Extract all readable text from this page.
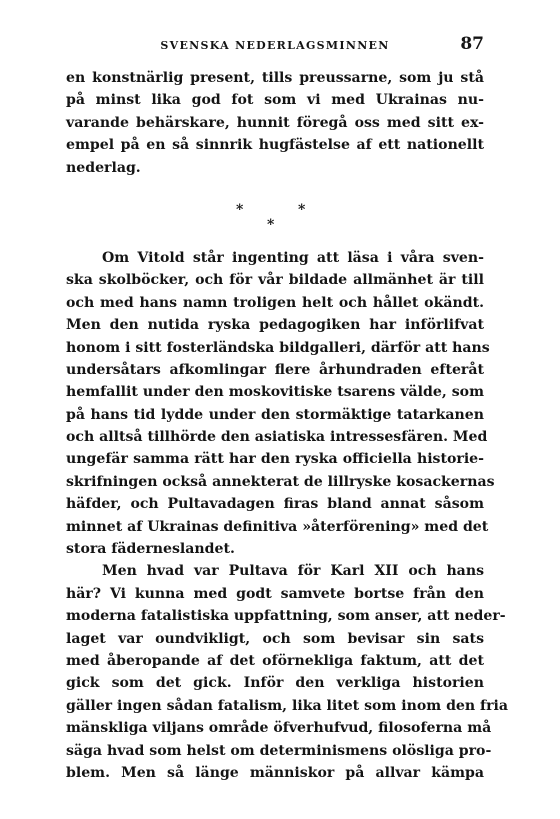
SVENSKA NEDERLAGSMINNEN	87
en konstnärlig present, tills preussarne, som ju stå
på minst lika god fot som vi med Ukrainas nu-
varande behärskare, hunnit föregå oss med sitt ex-
empel på en så sinnrik hugfästelse af ett nationellt
nederlag.
*	*
*
Om Vitold står ingenting att läsa i våra sven-
ska skolböcker, och för vår bildade allmänhet är till
och med hans namn troligen helt och hållet okändt.
Men den nutida ryska pedagogiken har införlifvat
honom i sitt fosterländska bildgalleri, därför att hans
undersåtars afkomlingar flere århundraden efteråt
hemfallit under den moskovitiske tsarens välde, som
på hans tid lydde under den stormäktige tatarkanen
och alltså tillhörde den asiatiska intressesfären. Med
ungefär samma rätt har den ryska officiella historie-
skrifningen också annekterat de lillryske kosackernas
häfder, och Pultavadagen firas bland annat såsom
minnet af Ukrainas definitiva »återförening» med det
stora fäderneslandet.
Men hvad var Pultava för Karl XII och hans
här? Vi kunna med godt samvete bortse från den
moderna fatalistiska uppfattning, som anser, att neder-
laget var oundvikligt, och som bevisar sin sats
med åberopande af det oförnekliga faktum, att det
gick som det gick. Inför den verkliga historien
gäller ingen sådan fatalism, lika litet som inom den fria
mänskliga viljans område öfverhufvud, filosoferna må
säga hvad som helst om determinismens olösliga pro-
blem. Men så länge människor på allvar kämpa
